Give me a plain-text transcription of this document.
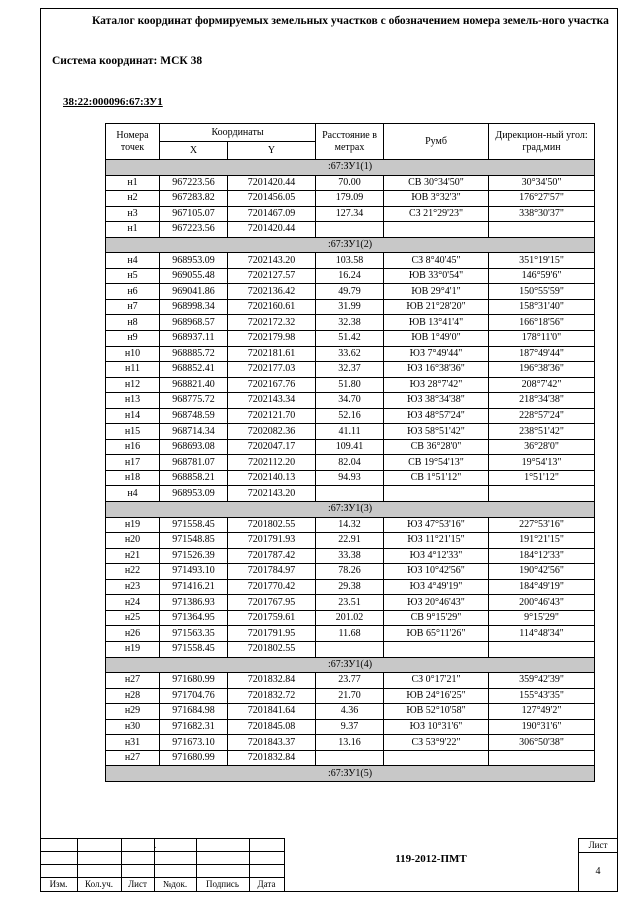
Каталог координат формируемых земельных участков с обозначением номера земель-ного участка
Система координат: МСК 38
38:22:000096:67:ЗУ1
Номера точек	Координаты		Расстояние в метрах	Румб	Дирекцион-ный угол: град,мин
	X	Y			
:67:ЗУ1(1)					
н1	967223.56	7201420.44	70.00	СВ 30°34'50"	30°34'50"
н2	967283.82	7201456.05	179.09	ЮВ 3°32'3"	176°27'57"
н3	967105.07	7201467.09	127.34	СЗ 21°29'23"	338°30'37"
н1	967223.56	7201420.44			
:67:ЗУ1(2)					
н4	968953.09	7202143.20	103.58	СЗ 8°40'45"	351°19'15"
н5	969055.48	7202127.57	16.24	ЮВ 33°0'54"	146°59'6"
н6	969041.86	7202136.42	49.79	ЮВ 29°4'1"	150°55'59"
н7	968998.34	7202160.61	31.99	ЮВ 21°28'20"	158°31'40"
н8	968968.57	7202172.32	32.38	ЮВ 13°41'4"	166°18'56"
н9	968937.11	7202179.98	51.42	ЮВ 1°49'0"	178°11'0"
н10	968885.72	7202181.61	33.62	ЮЗ 7°49'44"	187°49'44"
н11	968852.41	7202177.03	32.37	ЮЗ 16°38'36"	196°38'36"
н12	968821.40	7202167.76	51.80	ЮЗ 28°7'42"	208°7'42"
н13	968775.72	7202143.34	34.70	ЮЗ 38°34'38"	218°34'38"
н14	968748.59	7202121.70	52.16	ЮЗ 48°57'24"	228°57'24"
н15	968714.34	7202082.36	41.11	ЮЗ 58°51'42"	238°51'42"
н16	968693.08	7202047.17	109.41	СВ 36°28'0"	36°28'0"
н17	968781.07	7202112.20	82.04	СВ 19°54'13"	19°54'13"
н18	968858.21	7202140.13	94.93	СВ 1°51'12"	1°51'12"
н4	968953.09	7202143.20			
:67:ЗУ1(3)					
н19	971558.45	7201802.55	14.32	ЮЗ 47°53'16"	227°53'16"
н20	971548.85	7201791.93	22.91	ЮЗ 11°21'15"	191°21'15"
н21	971526.39	7201787.42	33.38	ЮЗ 4°12'33"	184°12'33"
н22	971493.10	7201784.97	78.26	ЮЗ 10°42'56"	190°42'56"
н23	971416.21	7201770.42	29.38	ЮЗ 4°49'19"	184°49'19"
н24	971386.93	7201767.95	23.51	ЮЗ 20°46'43"	200°46'43"
н25	971364.95	7201759.61	201.02	СВ 9°15'29"	9°15'29"
н26	971563.35	7201791.95	11.68	ЮВ 65°11'26"	114°48'34"
н19	971558.45	7201802.55			
:67:ЗУ1(4)					
н27	971680.99	7201832.84	23.77	СЗ 0°17'21"	359°42'39"
н28	971704.76	7201832.72	21.70	ЮВ 24°16'25"	155°43'35"
н29	971684.98	7201841.64	4.36	ЮВ 52°10'58"	127°49'2"
н30	971682.31	7201845.08	9.37	ЮЗ 10°31'6"	190°31'6"
н31	971673.10	7201843.37	13.16	СЗ 53°9'22"	306°50'38"
н27	971680.99	7201832.84			
:67:ЗУ1(5)					
.
Изм.	Кол.уч.	Лист	№док.	Подпись	Дата
119-2012-ПМТ
Лист
4
